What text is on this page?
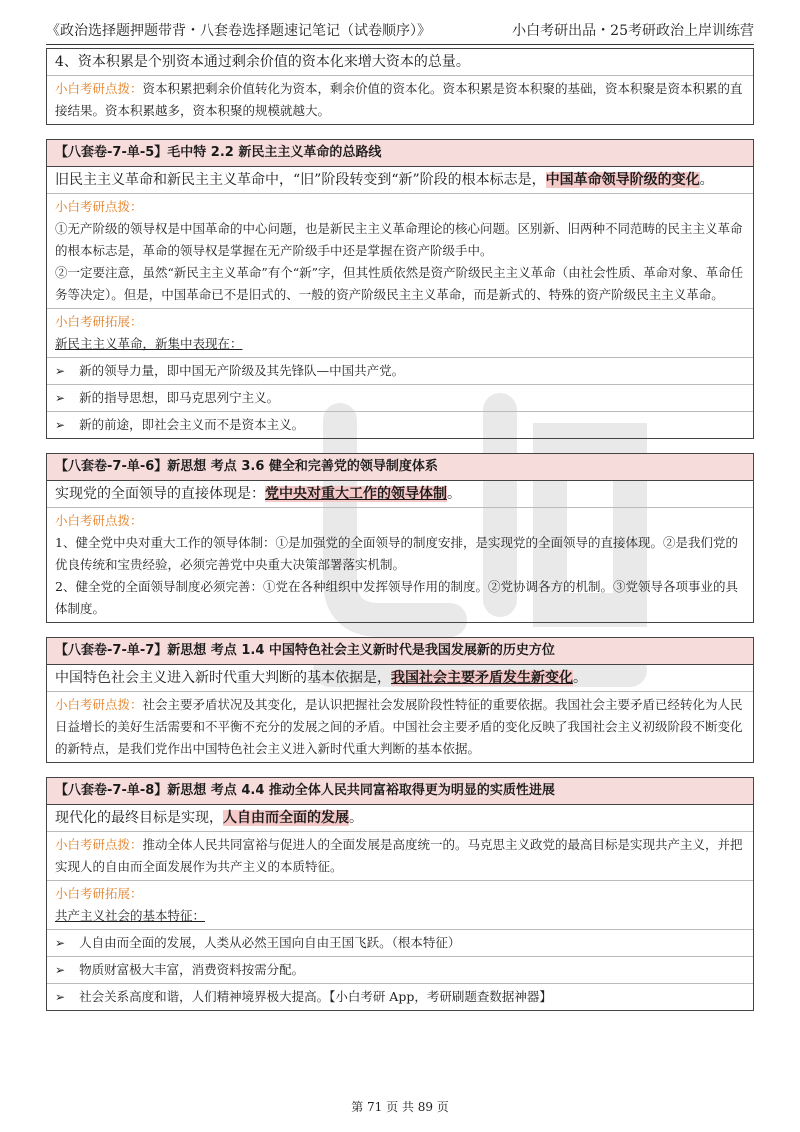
《政治选择题押题带背・八套卷选择题速记笔记（试卷顺序）》	小白考研出品・25考研政治上岸训练营
4、资本积累是个别资本通过剩余价值的资本化来增大资本的总量。
小白考研点拨：资本积累把剩余价值转化为资本，剩余价值的资本化。资本积累是资本积聚的基础，资本积聚是资本积累的直接结果。资本积累越多，资本积聚的规模就越大。
【八套卷-7-单-5】毛中特 2.2 新民主主义革命的总路线
旧民主主义革命和新民主主义革命中，“旧”阶段转变到“新”阶段的根本标志是，中国革命领导阶级的变化。
小白考研点拨：
①无产阶级的领导权是中国革命的中心问题，也是新民主主义革命理论的核心问题。区别新、旧两种不同范畴的民主主义革命的根本标志是，革命的领导权是掌握在无产阶级手中还是掌握在资产阶级手中。
②一定要注意，虽然“新民主主义革命”有个“新”字，但其性质依然是资产阶级民主主义革命（由社会性质、革命对象、革命任务等决定）。但是，中国革命已不是旧式的、一般的资产阶级民主主义革命，而是新式的、特殊的资产阶级民主主义革命。
小白考研拓展：
新民主主义革命，新集中表现在：
➢ 新的领导力量，即中国无产阶级及其先锋队—中国共产党。
➢ 新的指导思想，即马克思列宁主义。
➢ 新的前途，即社会主义而不是资本主义。
【八套卷-7-单-6】新思想 考点 3.6 健全和完善党的领导制度体系
实现党的全面领导的直接体现是：党中央对重大工作的领导体制。
小白考研点拨：
1、健全党中央对重大工作的领导体制：①是加强党的全面领导的制度安排，是实现党的全面领导的直接体现。②是我们党的优良传统和宝贵经验，必须完善党中央重大决策部署落实机制。
2、健全党的全面领导制度必须完善：①党在各种组织中发挥领导作用的制度。②党协调各方的机制。③党领导各项事业的具体制度。
【八套卷-7-单-7】新思想 考点 1.4 中国特色社会主义新时代是我国发展新的历史方位
中国特色社会主义进入新时代重大判断的基本依据是，我国社会主要矛盾发生新变化。
小白考研点拨：社会主要矛盾状况及其变化，是认识把握社会发展阶段性特征的重要依据。我国社会主要矛盾已经转化为人民日益增长的美好生活需要和不平衡不充分的发展之间的矛盾。中国社会主要矛盾的变化反映了我国社会主义初级阶段不断变化的新特点，是我们党作出中国特色社会主义进入新时代重大判断的基本依据。
【八套卷-7-单-8】新思想 考点 4.4 推动全体人民共同富裕取得更为明显的实质性进展
现代化的最终目标是实现，人自由而全面的发展。
小白考研点拨：推动全体人民共同富裕与促进人的全面发展是高度统一的。马克思主义政党的最高目标是实现共产主义，并把实现人的自由而全面发展作为共产主义的本质特征。
小白考研拓展：
共产主义社会的基本特征：
➢ 人自由而全面的发展，人类从必然王国向自由王国飞跃。（根本特征）
➢ 物质财富极大丰富，消费资料按需分配。
➢ 社会关系高度和谐，人们精神境界极大提高。【小白考研 App，考研刷题查数据神器】
第 71 页 共 89 页
